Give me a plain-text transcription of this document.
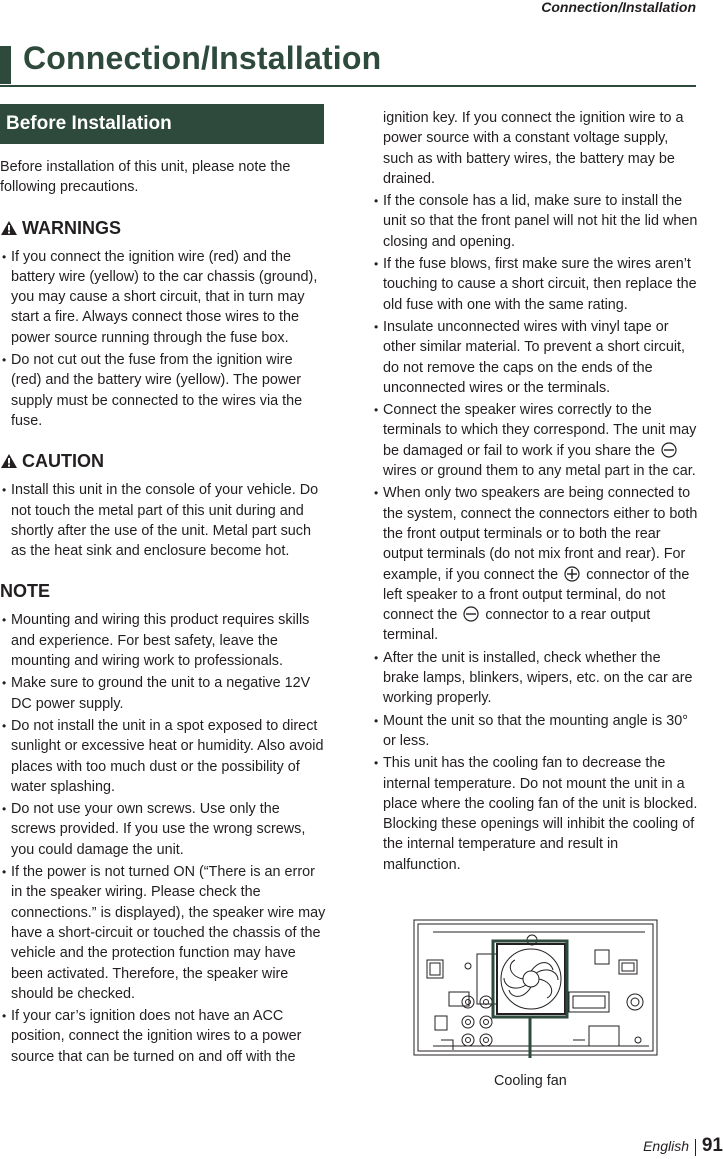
Connection/Installation
Connection/Installation
Before Installation

Before installation of this unit, please note the following precautions.

WARNINGS
• If you connect the ignition wire (red) and the battery wire (yellow) to the car chassis (ground), you may cause a short circuit, that in turn may start a fire. Always connect those wires to the power source running through the fuse box.
• Do not cut out the fuse from the ignition wire (red) and the battery wire (yellow). The power supply must be connected to the wires via the fuse.
CAUTION
• Install this unit in the console of your vehicle. Do not touch the metal part of this unit during and shortly after the use of the unit. Metal part such as the heat sink and enclosure become hot.
NOTE
• Mounting and wiring this product requires skills and experience. For best safety, leave the mounting and wiring work to professionals.
• Make sure to ground the unit to a negative 12V DC power supply.
• Do not install the unit in a spot exposed to direct sunlight or excessive heat or humidity. Also avoid places with too much dust or the possibility of water splashing.
• Do not use your own screws. Use only the screws provided. If you use the wrong screws, you could damage the unit.
• If the power is not turned ON (“There is an error in the speaker wiring. Please check the connections.” is displayed), the speaker wire may have a short-circuit or touched the chassis of the vehicle and the protection function may have been activated. Therefore, the speaker wire should be checked.
• If your car’s ignition does not have an ACC position, connect the ignition wires to a power source that can be turned on and off with the
ignition key. If you connect the ignition wire to a power source with a constant voltage supply, such as with battery wires, the battery may be drained.
• If the console has a lid, make sure to install the unit so that the front panel will not hit the lid when closing and opening.
• If the fuse blows, first make sure the wires aren’t touching to cause a short circuit, then replace the old fuse with one with the same rating.
• Insulate unconnected wires with vinyl tape or other similar material. To prevent a short circuit, do not remove the caps on the ends of the unconnected wires or the terminals.
• Connect the speaker wires correctly to the terminals to which they correspond. The unit may be damaged or fail to work if you share the  wires or ground them to any metal part in the car.
• When only two speakers are being connected to the system, connect the connectors either to both the front output terminals or to both the rear output terminals (do not mix front and rear). For example, if you connect the connector of the left speaker to a front output terminal, do not connect the connector to a rear output terminal.
• After the unit is installed, check whether the brake lamps, blinkers, wipers, etc. on the car are working properly.
• Mount the unit so that the mounting angle is 30° or less.
• This unit has the cooling fan to decrease the internal temperature. Do not mount the unit in a place where the cooling fan of the unit is blocked. Blocking these openings will inhibit the cooling of the internal temperature and result in malfunction.
Cooling fan
English 91
